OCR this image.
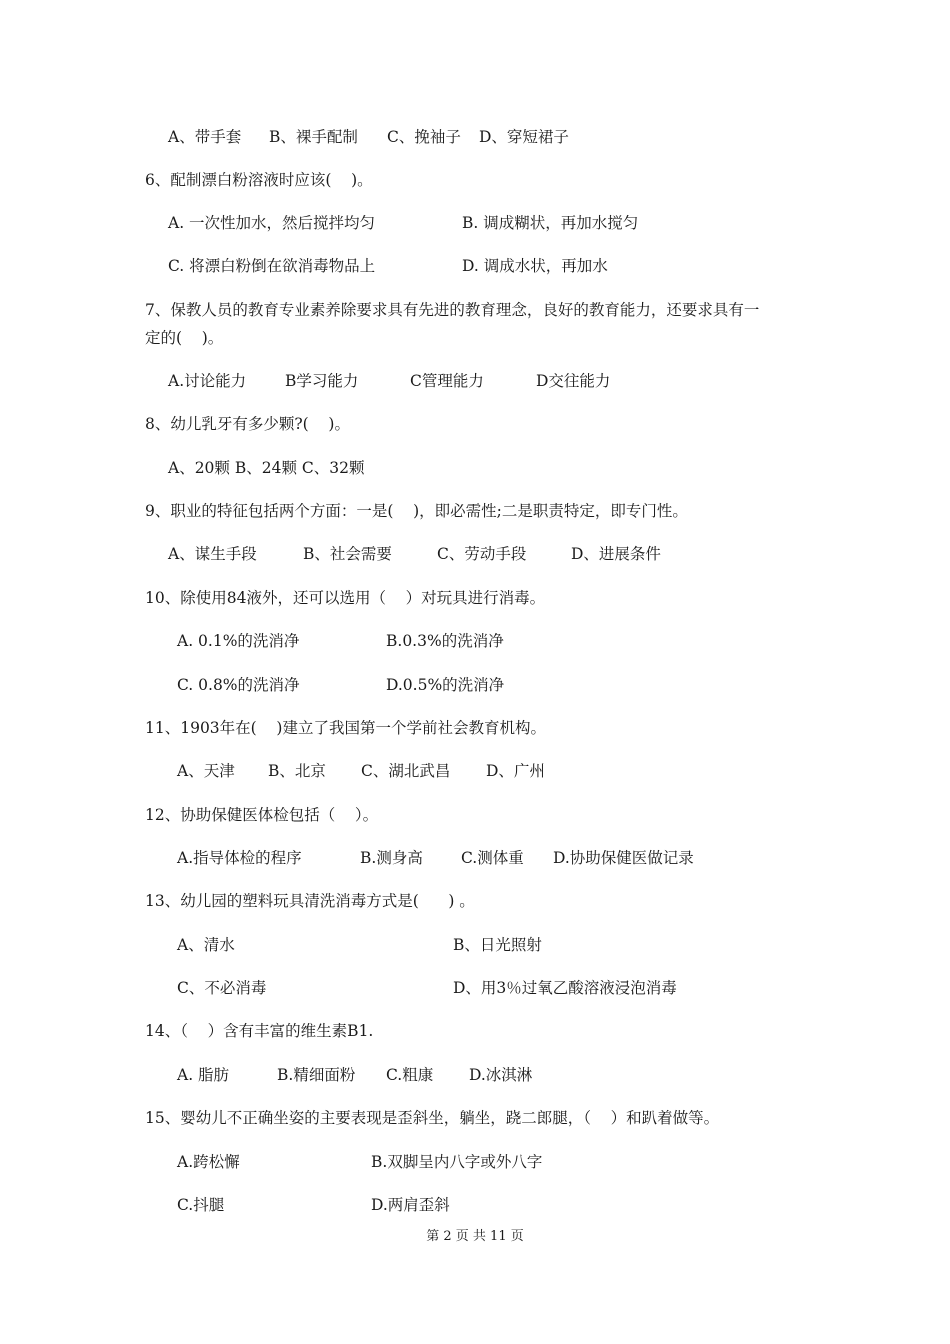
A、带手套 B、裸手配制 C、挽袖子 D、穿短裙子
6、配制漂白粉溶液时应该(    )。
A. 一次性加水，然后搅拌均匀	B. 调成糊状，再加水搅匀
C. 将漂白粉倒在欲消毒物品上	D. 调成水状，再加水
7、保教人员的教育专业素养除要求具有先进的教育理念，良好的教育能力，还要求具有一
定的(    )。
A.讨论能力	B学习能力	C管理能力	D交往能力
8、幼儿乳牙有多少颗?(    )。
A、20颗 B、24颗 C、32颗
9、职业的特征包括两个方面：一是(    )，即必需性;二是职责特定，即专门性。
A、谋生手段	B、社会需要	C、劳动手段	D、进展条件
10、除使用84液外，还可以选用（    ）对玩具进行消毒。
A. 0.1%的洗消净	B.0.3%的洗消净
C. 0.8%的洗消净	D.0.5%的洗消净
11、1903年在(    )建立了我国第一个学前社会教育机构。
A、天津 B、北京 C、湖北武昌 D、广州
12、协助保健医体检包括（    ）。
A.指导体检的程序	B.测身高 C.测体重 D.协助保健医做记录
13、幼儿园的塑料玩具清洗消毒方式是(      ) 。
A、清水	B、日光照射
C、不必消毒	D、用3％过氧乙酸溶液浸泡消毒
14、（    ）含有丰富的维生素B1.
A. 脂肪	B.精细面粉 C.粗康 D.冰淇淋
15、婴幼儿不正确坐姿的主要表现是歪斜坐，躺坐，跷二郎腿，（    ）和趴着做等。
A.跨松懈	B.双脚呈内八字或外八字
C.抖腿	D.两肩歪斜
第 2 页 共 11 页
